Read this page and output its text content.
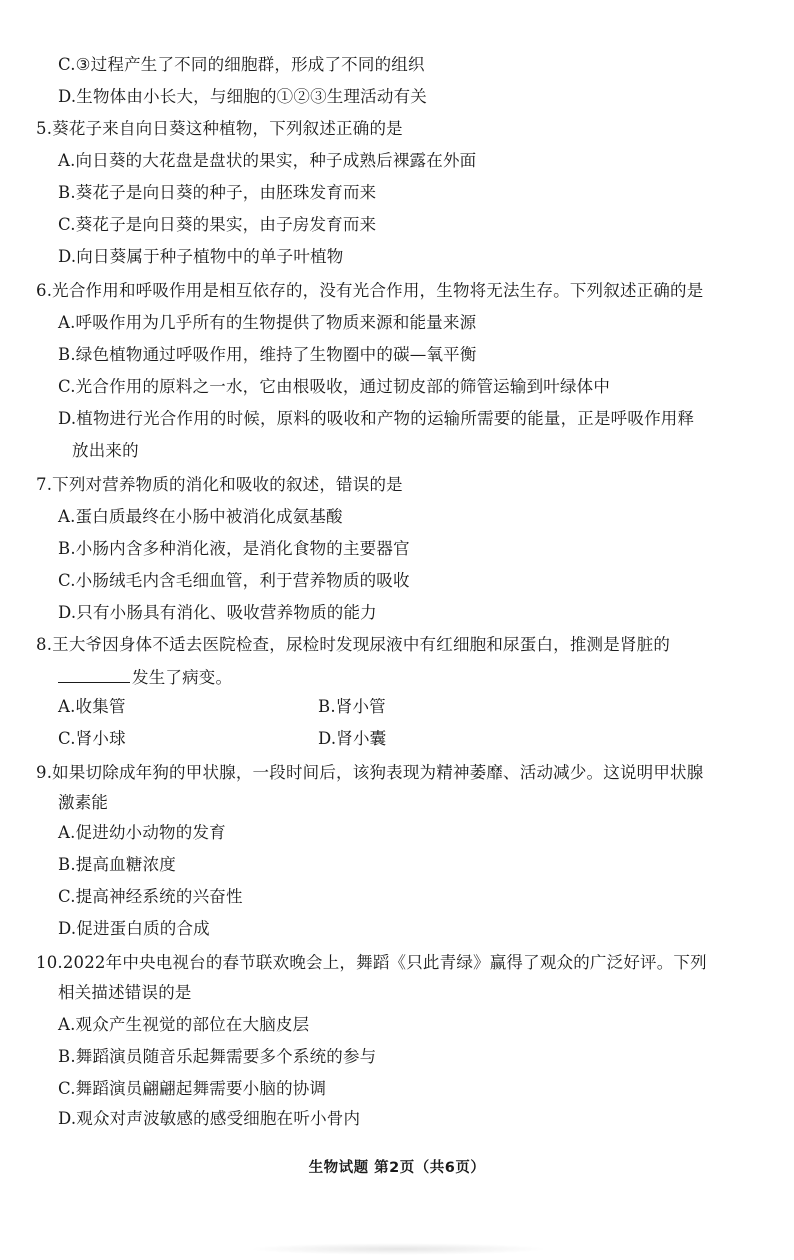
C.③过程产生了不同的细胞群，形成了不同的组织
D.生物体由小长大，与细胞的①②③生理活动有关
5.葵花子来自向日葵这种植物，下列叙述正确的是
A.向日葵的大花盘是盘状的果实，种子成熟后裸露在外面
B.葵花子是向日葵的种子，由胚珠发育而来
C.葵花子是向日葵的果实，由子房发育而来
D.向日葵属于种子植物中的单子叶植物
6.光合作用和呼吸作用是相互依存的，没有光合作用，生物将无法生存。下列叙述正确的是
A.呼吸作用为几乎所有的生物提供了物质来源和能量来源
B.绿色植物通过呼吸作用，维持了生物圈中的碳—氧平衡
C.光合作用的原料之一水，它由根吸收，通过韧皮部的筛管运输到叶绿体中
D.植物进行光合作用的时候，原料的吸收和产物的运输所需要的能量，正是呼吸作用释
放出来的
7.下列对营养物质的消化和吸收的叙述，错误的是
A.蛋白质最终在小肠中被消化成氨基酸
B.小肠内含多种消化液，是消化食物的主要器官
C.小肠绒毛内含毛细血管，利于营养物质的吸收
D.只有小肠具有消化、吸收营养物质的能力
8.王大爷因身体不适去医院检查，尿检时发现尿液中有红细胞和尿蛋白，推测是肾脏的
发生了病变。
A.收集管	B.肾小管
C.肾小球	D.肾小囊
9.如果切除成年狗的甲状腺，一段时间后，该狗表现为精神萎靡、活动减少。这说明甲状腺
激素能
A.促进幼小动物的发育
B.提高血糖浓度
C.提高神经系统的兴奋性
D.促进蛋白质的合成
10.2022年中央电视台的春节联欢晚会上，舞蹈《只此青绿》赢得了观众的广泛好评。下列
相关描述错误的是
A.观众产生视觉的部位在大脑皮层
B.舞蹈演员随音乐起舞需要多个系统的参与
C.舞蹈演员翩翩起舞需要小脑的协调
D.观众对声波敏感的感受细胞在听小骨内
生物试题 第2页（共6页）
